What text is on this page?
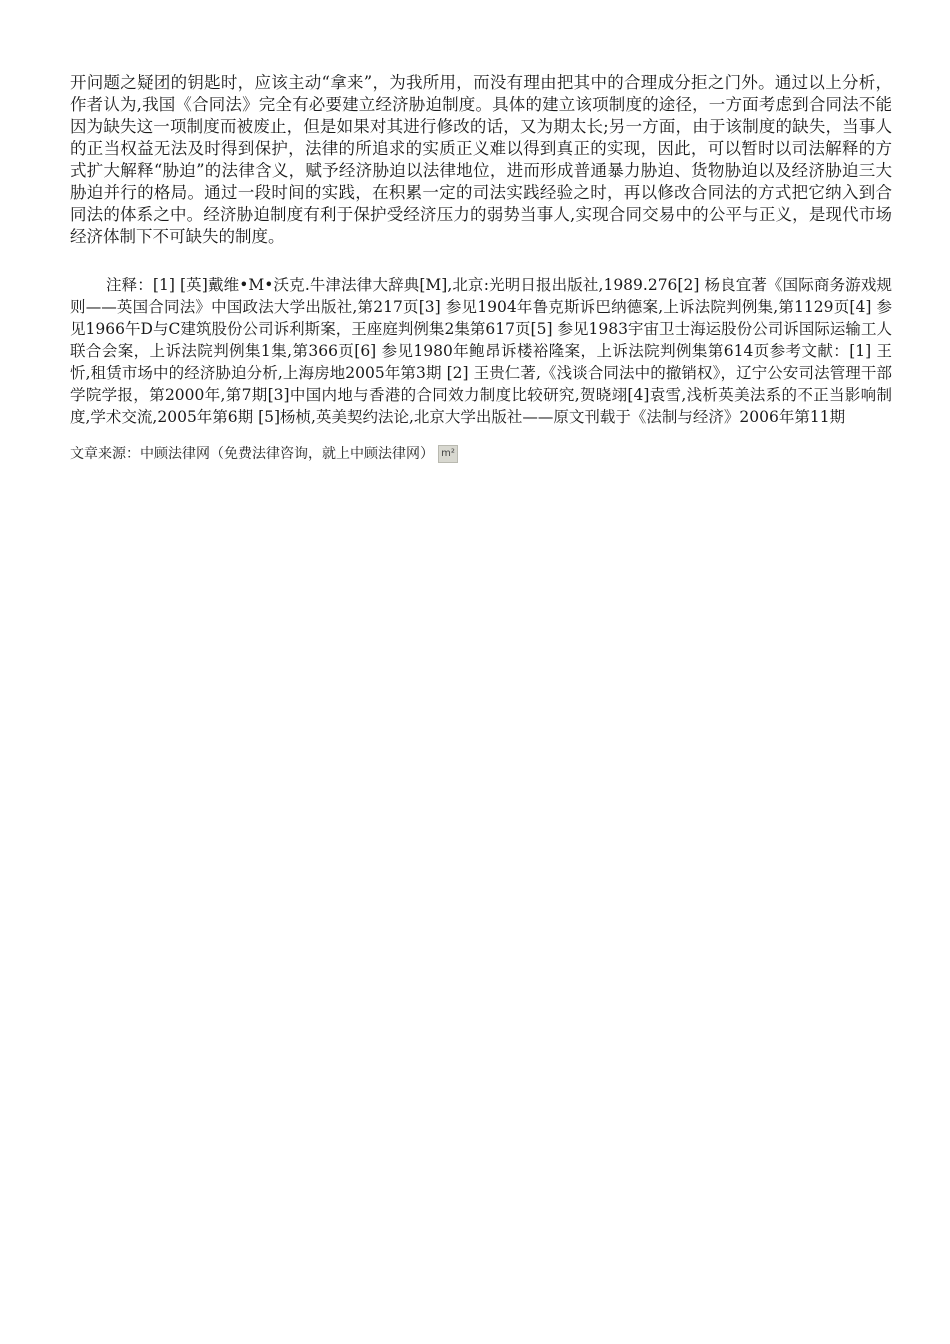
开问题之疑团的钥匙时，应该主动“拿来”，为我所用，而没有理由把其中的合理成分拒之门外。通过以上分析，作者认为,我国《合同法》完全有必要建立经济胁迫制度。具体的建立该项制度的途径，一方面考虑到合同法不能因为缺失这一项制度而被废止，但是如果对其进行修改的话，又为期太长;另一方面，由于该制度的缺失，当事人的正当权益无法及时得到保护，法律的所追求的实质正义难以得到真正的实现，因此，可以暂时以司法解释的方式扩大解释“胁迫”的法律含义，赋予经济胁迫以法律地位，进而形成普通暴力胁迫、货物胁迫以及经济胁迫三大胁迫并行的格局。通过一段时间的实践，在积累一定的司法实践经验之时，再以修改合同法的方式把它纳入到合同法的体系之中。经济胁迫制度有利于保护受经济压力的弱势当事人,实现合同交易中的公平与正义，是现代市场经济体制下不可缺失的制度。

注释：[1] [英]戴维•M•沃克.牛津法律大辞典[M],北京:光明日报出版社,1989.276[2] 杨良宜著《国际商务游戏规则——英国合同法》中国政法大学出版社,第217页[3] 参见1904年鲁克斯诉巴纳德案,上诉法院判例集,第1129页[4] 参见1966午D与C建筑股份公司诉利斯案，王座庭判例集2集第617页[5] 参见1983宇宙卫士海运股份公司诉国际运输工人联合会案，上诉法院判例集1集,第366页[6] 参见1980年鲍昂诉楼裕隆案，上诉法院判例集第614页参考文献：[1] 王忻,租赁市场中的经济胁迫分析,上海房地2005年第3期 [2] 王贵仁著,《浅谈合同法中的撤销权》，辽宁公安司法管理干部学院学报，第2000年,第7期[3]中国内地与香港的合同效力制度比较研究,贺晓翊[4]袁雪,浅析英美法系的不正当影响制度,学术交流,2005年第6期 [5]杨桢,英美契约法论,北京大学出版社——原文刊载于《法制与经济》2006年第11期

文章来源：中顾法律网（免费法律咨询，就上中顾法律网） m²
